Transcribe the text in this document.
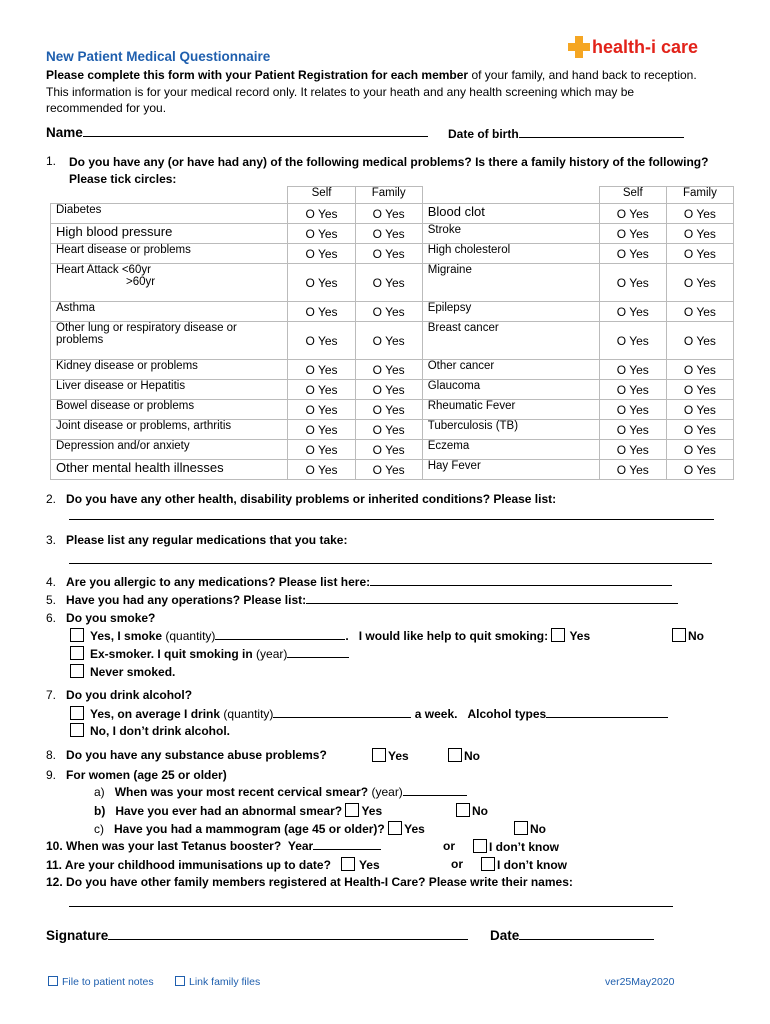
New Patient Medical Questionnaire	health-i care
Please complete this form with your Patient Registration for each member of your family, and hand back to reception. This information is for your medical record only. It relates to your heath and any health screening which may be recommended for you.
Name	Date of birth
1. Do you have any (or have had any) of the following medical problems? Is there a family history of the following? Please tick circles:
	Self	Family		Self	Family
Diabetes	O Yes	O Yes	Blood clot	O Yes	O Yes
High blood pressure	O Yes	O Yes	Stroke	O Yes	O Yes
Heart disease or problems	O Yes	O Yes	High cholesterol	O Yes	O Yes
Heart Attack <60yr
>60yr	O Yes	O Yes	Migraine	O Yes	O Yes
Asthma	O Yes	O Yes	Epilepsy	O Yes	O Yes
Other lung or respiratory disease or problems	O Yes	O Yes	Breast cancer	O Yes	O Yes
Kidney disease or problems	O Yes	O Yes	Other cancer	O Yes	O Yes
Liver disease or Hepatitis	O Yes	O Yes	Glaucoma	O Yes	O Yes
Bowel disease or problems	O Yes	O Yes	Rheumatic Fever	O Yes	O Yes
Joint disease or problems, arthritis	O Yes	O Yes	Tuberculosis (TB)	O Yes	O Yes
Depression and/or anxiety	O Yes	O Yes	Eczema	O Yes	O Yes
Other mental health illnesses	O Yes	O Yes	Hay Fever	O Yes	O Yes
2. Do you have any other health, disability problems or inherited conditions? Please list:
3. Please list any regular medications that you take:
4. Are you allergic to any medications? Please list here:
5. Have you had any operations? Please list:
6. Do you smoke?
Yes, I smoke (quantity)	.   I would like help to quit smoking: Yes	No
Ex-smoker. I quit smoking in (year)
Never smoked.
7. Do you drink alcohol?
Yes, on average I drink (quantity)	a week. Alcohol types
No, I don’t drink alcohol.
8. Do you have any substance abuse problems?	Yes	No
9. For women (age 25 or older)
a) When was your most recent cervical smear? (year)
b) Have you ever had an abnormal smear? Yes	No
c) Have you had a mammogram (age 45 or older)? Yes	No
10. When was your last Tetanus booster? Year	or	I don’t know
11. Are your childhood immunisations up to date? Yes	or	I don’t know
12. Do you have other family members registered at Health-I Care? Please write their names:
Signature	Date
File to patient notes	Link family files	ver25May2020
